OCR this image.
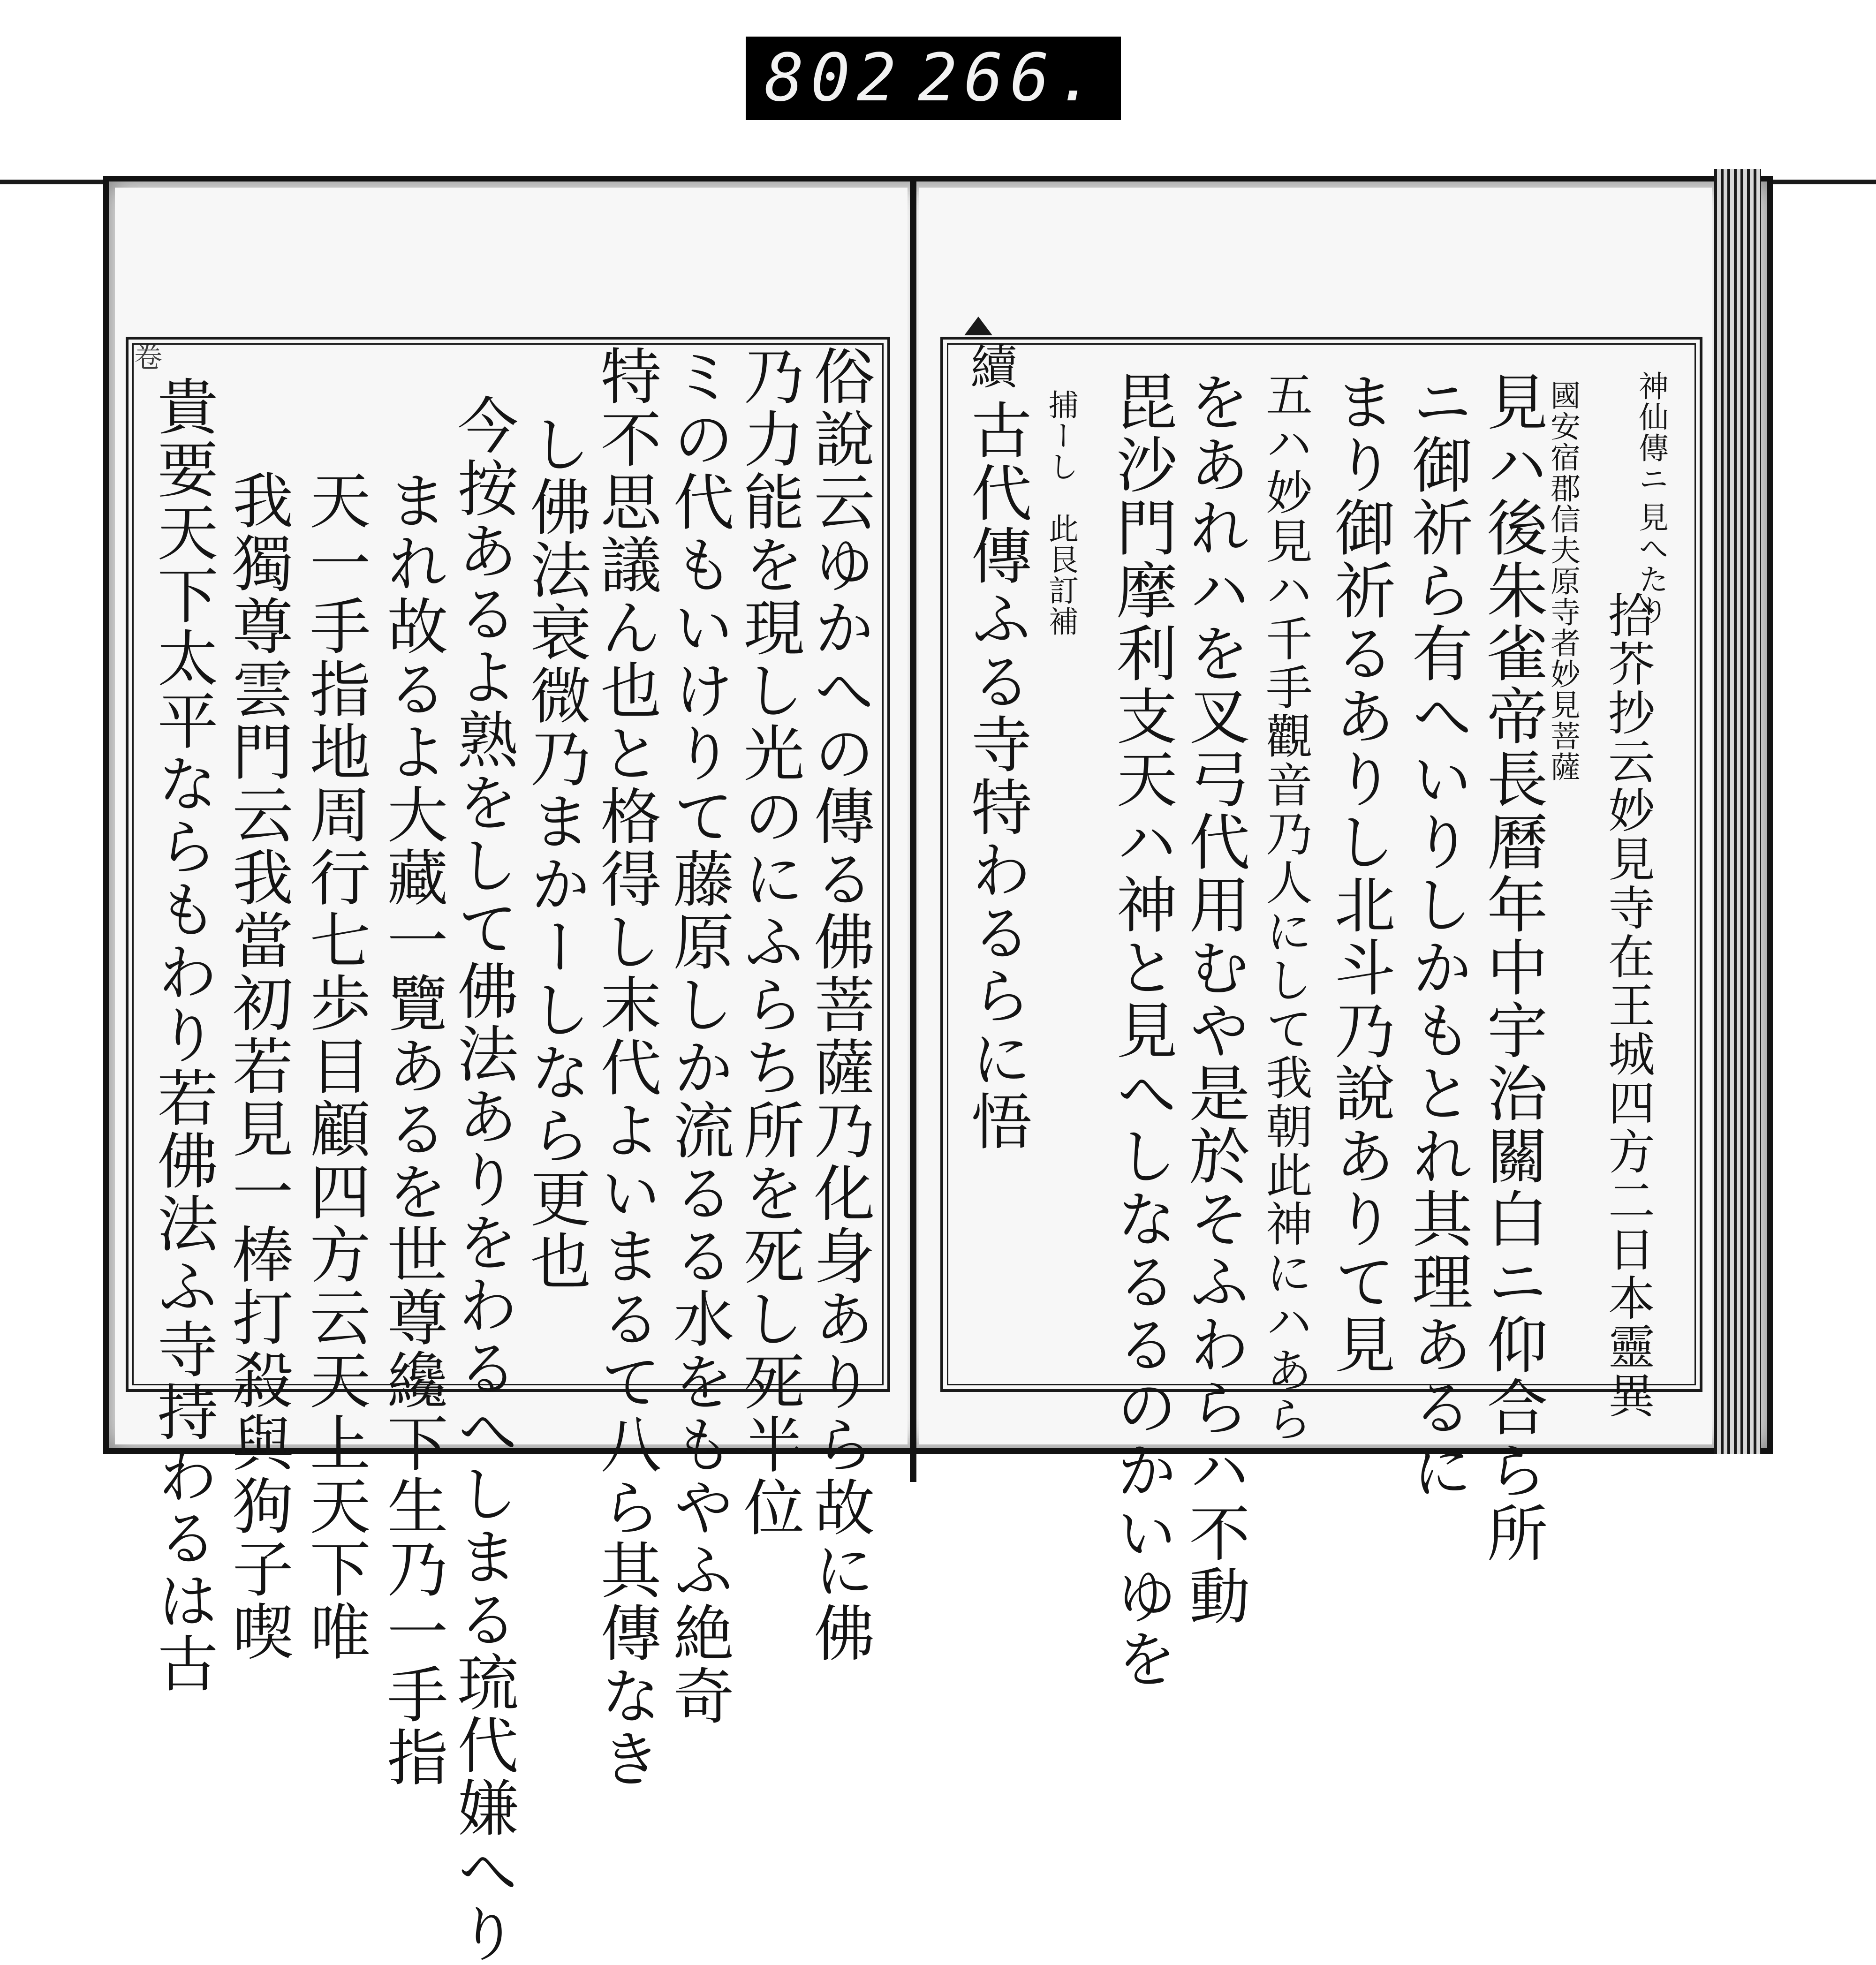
802 266.
卷	俗說云ゆかへの傳る佛菩薩乃化身ありら故に佛
乃力能を現し光のにふらち所を死し死半位
ミの代もいけりて藤原しか流るる水をもやふ絶奇
特不思議ん也と格得し末代よいまるて八ら其傳なき
し佛法衰微乃まかーしなら更也
今按あるよ熟をして佛法ありをわるへしまる琉代嫌へり
まれ故るよ大藏一覽あるを世尊纔下生乃一手指
天一手指地周行七歩目顧四方云天上天下唯
我獨尊雲門云我當初若見一棒打殺與狗子喫
貴要天下太平ならもわり若佛法ふ寺持わるは古	神仙傳ニ
見へたり
拾芥抄云妙見寺在王城四方二日本靈異
國安宿郡信夫原寺者妙見菩薩
見ハ後朱雀帝長曆年中宇治關白ニ仰合ら所
ニ御祈ら有へいりしかもとれ其理あるに
まり御祈るありし北斗乃說ありて見
五ハ妙見ハ千手觀音乃人にして我朝此神にハあら
をあれハを叉弓代用むや是於そふわらハ不動
毘沙門摩利支天ハ神と見へしなるるのかいゆを
捕ーし　此艮訂補
續
古代傳ふる寺特わるらに悟
